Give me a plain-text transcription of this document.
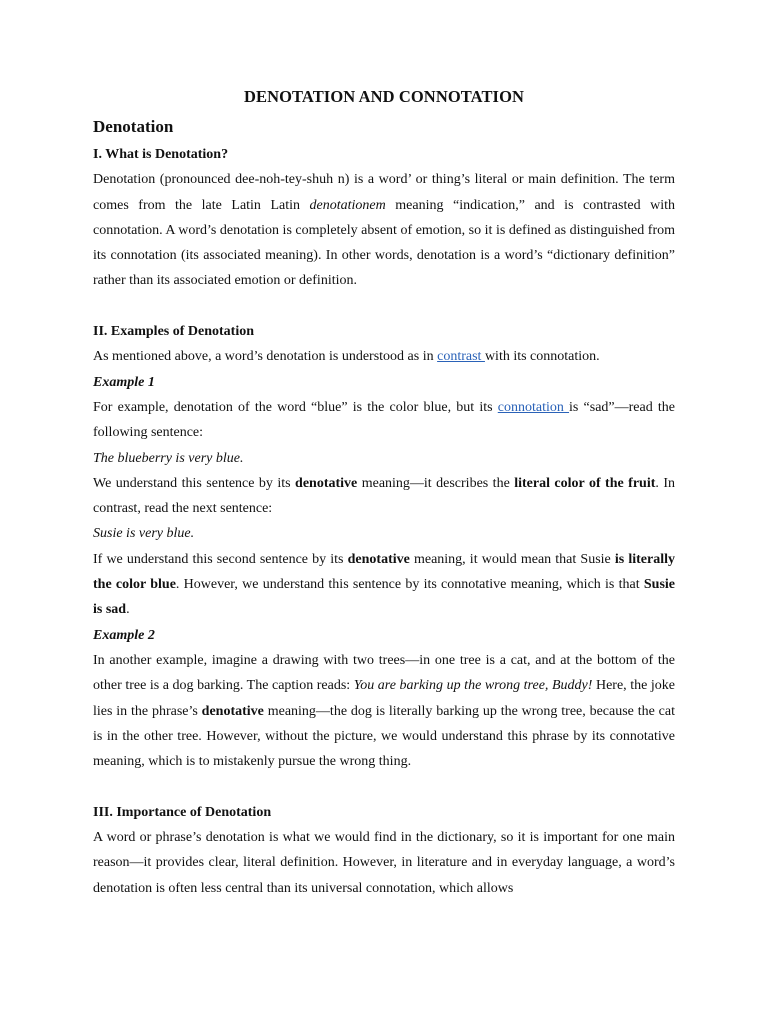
DENOTATION AND CONNOTATION
Denotation
I. What is Denotation?

Denotation (pronounced dee-noh-tey-shuh n) is a word’ or thing’s literal or main definition. The term comes from the late Latin Latin denotationem meaning “indication,” and is contrasted with connotation. A word’s denotation is completely absent of emotion, so it is defined as distinguished from its connotation (its associated meaning). In other words, denotation is a word’s “dictionary definition” rather than its associated emotion or definition.

II. Examples of Denotation

As mentioned above, a word’s denotation is understood as in contrast with its connotation.

Example 1

For example, denotation of the word “blue” is the color blue, but its connotation is “sad”—read the following sentence:

The blueberry is very blue.

We understand this sentence by its denotative meaning—it describes the literal color of the fruit. In contrast, read the next sentence:

Susie is very blue.

If we understand this second sentence by its denotative meaning, it would mean that Susie is literally the color blue. However, we understand this sentence by its connotative meaning, which is that Susie is sad.

Example 2

In another example, imagine a drawing with two trees—in one tree is a cat, and at the bottom of the other tree is a dog barking. The caption reads: You are barking up the wrong tree, Buddy! Here, the joke lies in the phrase’s denotative meaning—the dog is literally barking up the wrong tree, because the cat is in the other tree. However, without the picture, we would understand this phrase by its connotative meaning, which is to mistakenly pursue the wrong thing.

III. Importance of Denotation

A word or phrase’s denotation is what we would find in the dictionary, so it is important for one main reason—it provides clear, literal definition. However, in literature and in everyday language, a word’s denotation is often less central than its universal connotation, which allows
